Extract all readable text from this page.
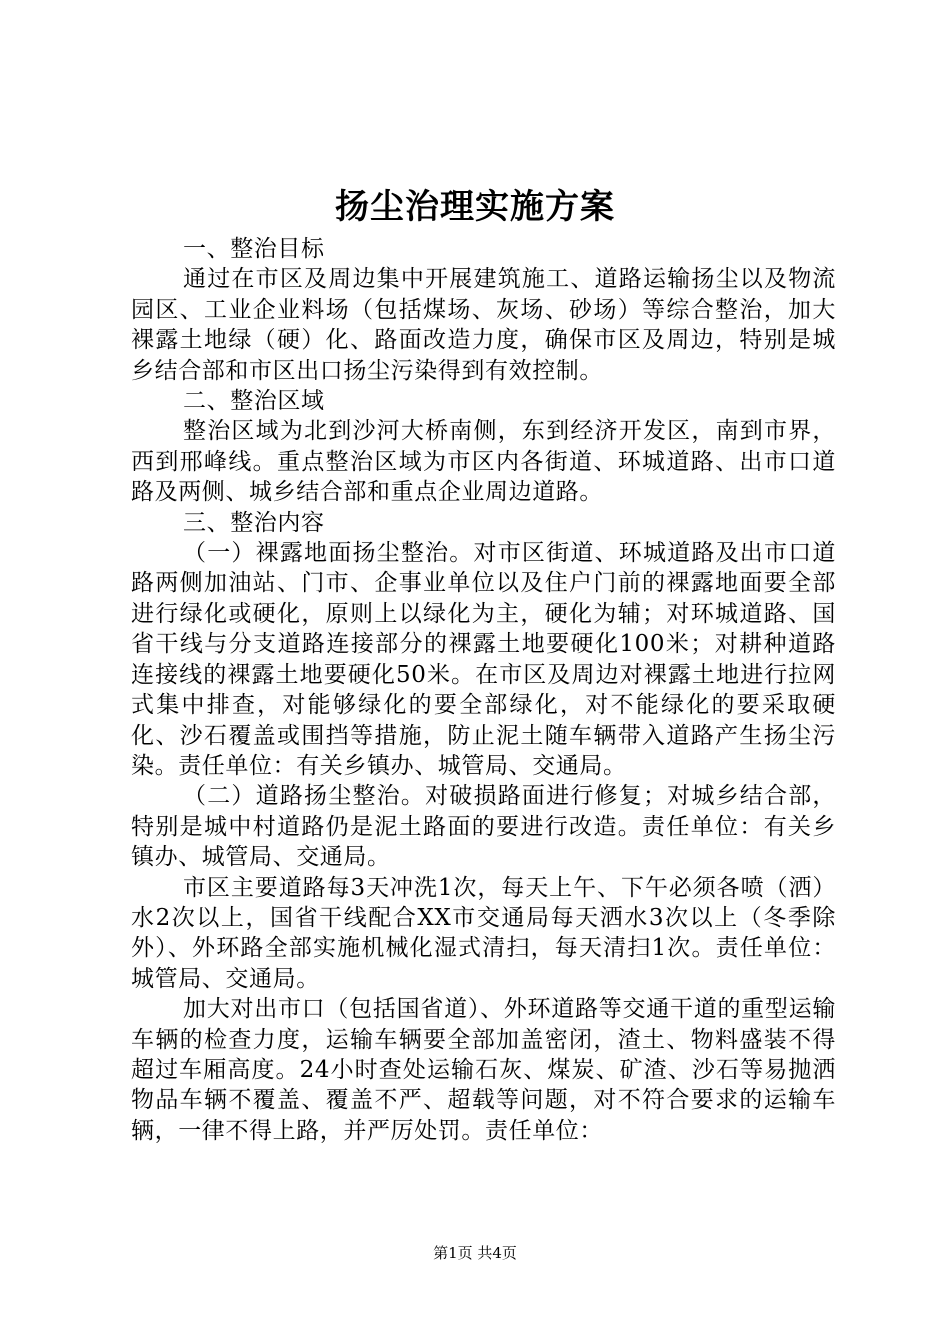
扬尘治理实施方案

一、整治目标

通过在市区及周边集中开展建筑施工、道路运输扬尘以及物流园区、工业企业料场（包括煤场、灰场、砂场）等综合整治，加大裸露土地绿（硬）化、路面改造力度，确保市区及周边，特别是城乡结合部和市区出口扬尘污染得到有效控制。

二、整治区域

整治区域为北到沙河大桥南侧，东到经济开发区，南到市界，西到邢峰线。重点整治区域为市区内各街道、环城道路、出市口道路及两侧、城乡结合部和重点企业周边道路。

三、整治内容

（一）裸露地面扬尘整治。对市区街道、环城道路及出市口道路两侧加油站、门市、企事业单位以及住户门前的裸露地面要全部进行绿化或硬化，原则上以绿化为主，硬化为辅；对环城道路、国省干线与分支道路连接部分的裸露土地要硬化100米；对耕种道路连接线的裸露土地要硬化50米。在市区及周边对裸露土地进行拉网式集中排查，对能够绿化的要全部绿化，对不能绿化的要采取硬化、沙石覆盖或围挡等措施，防止泥土随车辆带入道路产生扬尘污染。责任单位：有关乡镇办、城管局、交通局。

（二）道路扬尘整治。对破损路面进行修复；对城乡结合部，特别是城中村道路仍是泥土路面的要进行改造。责任单位：有关乡镇办、城管局、交通局。

市区主要道路每3天冲洗1次，每天上午、下午必须各喷（洒）水2次以上，国省干线配合XX市交通局每天洒水3次以上（冬季除外）、外环路全部实施机械化湿式清扫，每天清扫1次。责任单位：城管局、交通局。

加大对出市口（包括国省道）、外环道路等交通干道的重型运输车辆的检查力度，运输车辆要全部加盖密闭，渣土、物料盛装不得超过车厢高度。24小时查处运输石灰、煤炭、矿渣、沙石等易抛洒物品车辆不覆盖、覆盖不严、超载等问题，对不符合要求的运输车辆，一律不得上路，并严厉处罚。责任单位：

第1页 共4页
